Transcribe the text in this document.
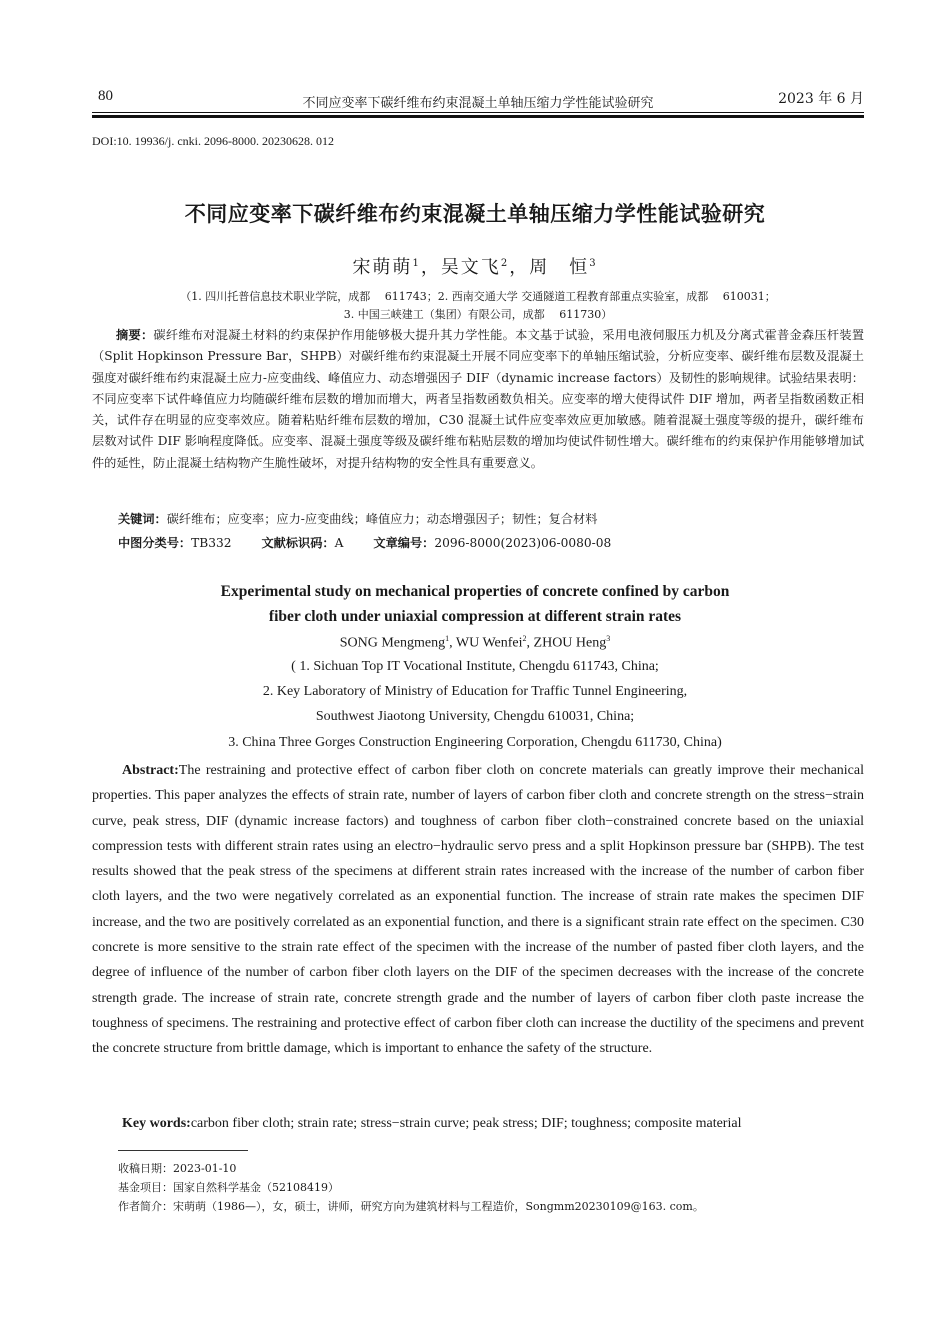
80	不同应变率下碳纤维布约束混凝土单轴压缩力学性能试验研究	2023 年 6 月
DOI:10. 19936/j. cnki. 2096-8000. 20230628. 012
不同应变率下碳纤维布约束混凝土单轴压缩力学性能试验研究
宋萌萌$^1$，吴文飞$^2$，周　恒$^3$
（1. 四川托普信息技术职业学院，成都　 611743；2. 西南交通大学 交通隧道工程教育部重点实验室，成都　 610031；
3. 中国三峡建工（集团）有限公司，成都　 611730）
摘要：碳纤维布对混凝土材料的约束保护作用能够极大提升其力学性能。本文基于试验，采用电液伺服压力机及分离式霍普金森压杆装置（Split Hopkinson Pressure Bar，SHPB）对碳纤维布约束混凝土开展不同应变率下的单轴压缩试验，分析应变率、碳纤维布层数及混凝土强度对碳纤维布约束混凝土应力-应变曲线、峰值应力、动态增强因子 DIF（dynamic increase factors）及韧性的影响规律。试验结果表明：不同应变率下试件峰值应力均随碳纤维布层数的增加而增大，两者呈指数函数负相关。应变率的增大使得试件 DIF 增加，两者呈指数函数正相关，试件存在明显的应变率效应。随着粘贴纤维布层数的增加，C30 混凝土试件应变率效应更加敏感。随着混凝土强度等级的提升，碳纤维布层数对试件 DIF 影响程度降低。应变率、混凝土强度等级及碳纤维布粘贴层数的增加均使试件韧性增大。碳纤维布的约束保护作用能够增加试件的延性，防止混凝土结构物产生脆性破坏，对提升结构物的安全性具有重要意义。
关键词：碳纤维布；应变率；应力-应变曲线；峰值应力；动态增强因子；韧性；复合材料
中图分类号：TB332 文献标识码：A 文章编号：2096-8000(2023)06-0080-08
Experimental study on mechanical properties of concrete confined by carbon
fiber cloth under uniaxial compression at different strain rates
SONG Mengmeng$^1$, WU Wenfei$^2$, ZHOU Heng$^3$
( 1. Sichuan Top IT Vocational Institute, Chengdu 611743, China;
2. Key Laboratory of Ministry of Education for Traffic Tunnel Engineering,
Southwest Jiaotong University, Chengdu 610031, China;
3. China Three Gorges Construction Engineering Corporation, Chengdu 611730, China)
Abstract:The restraining and protective effect of carbon fiber cloth on concrete materials can greatly improve their mechanical properties. This paper analyzes the effects of strain rate, number of layers of carbon fiber cloth and concrete strength on the stress−strain curve, peak stress, DIF (dynamic increase factors) and toughness of carbon fiber cloth−constrained concrete based on the uniaxial compression tests with different strain rates using an electro−hydraulic servo press and a split Hopkinson pressure bar (SHPB). The test results showed that the peak stress of the specimens at different strain rates increased with the increase of the number of carbon fiber cloth layers, and the two were negatively correlated as an exponential function. The increase of strain rate makes the specimen DIF increase, and the two are positively correlated as an exponential function, and there is a significant strain rate effect on the specimen. C30 concrete is more sensitive to the strain rate effect of the specimen with the increase of the number of pasted fiber cloth layers, and the degree of influence of the number of carbon fiber cloth layers on the DIF of the specimen decreases with the increase of the concrete strength grade. The increase of strain rate, concrete strength grade and the number of layers of carbon fiber cloth paste increase the toughness of specimens. The restraining and protective effect of carbon fiber cloth can increase the ductility of the specimens and prevent the concrete structure from brittle damage, which is important to enhance the safety of the structure.
Key words:carbon fiber cloth; strain rate; stress−strain curve; peak stress; DIF; toughness; composite material
收稿日期：2023-01-10
基金项目：国家自然科学基金（52108419）
作者简介：宋萌萌（1986—），女，硕士，讲师，研究方向为建筑材料与工程造价，Songmm20230109@163. com。
